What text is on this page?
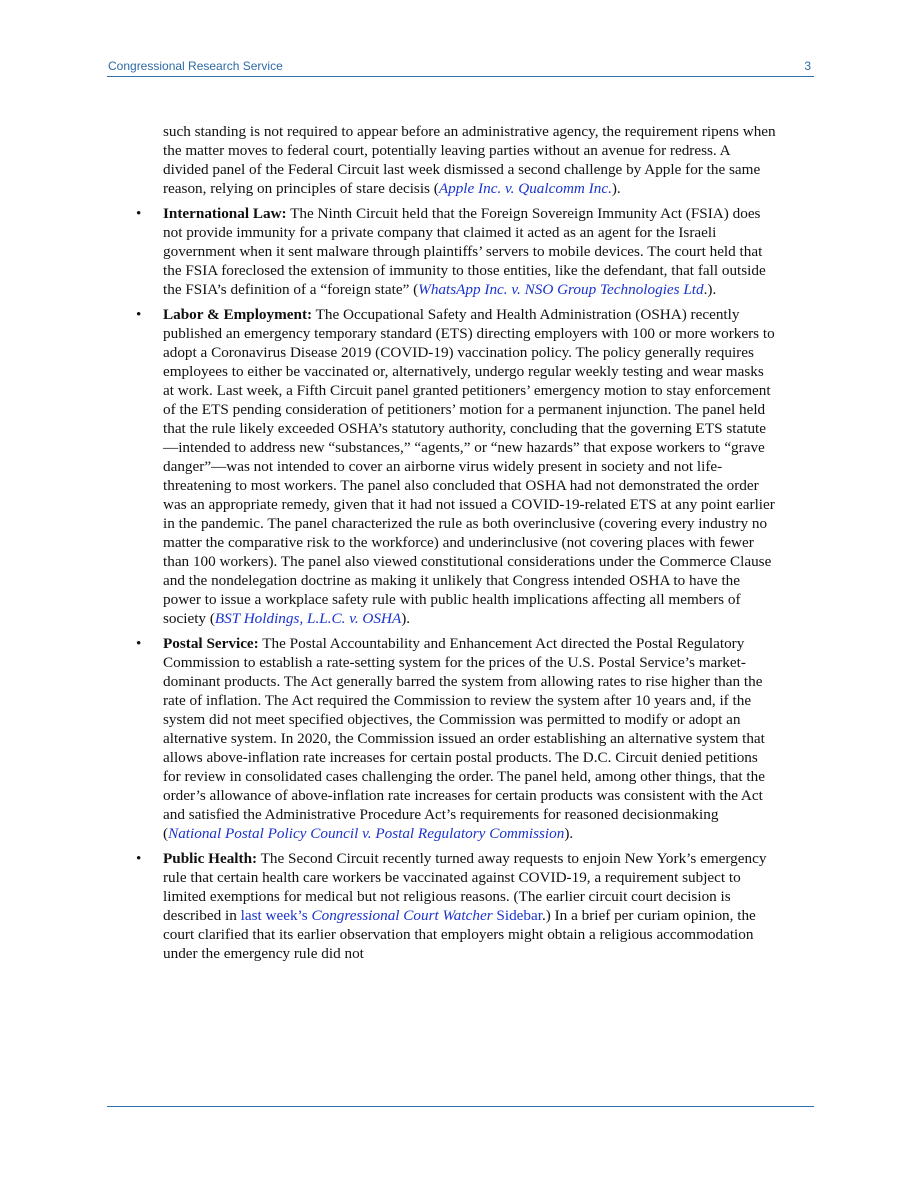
Congressional Research Service	3

such standing is not required to appear before an administrative agency, the requirement ripens when the matter moves to federal court, potentially leaving parties without an avenue for redress. A divided panel of the Federal Circuit last week dismissed a second challenge by Apple for the same reason, relying on principles of stare decisis (Apple Inc. v. Qualcomm Inc.).

• International Law: The Ninth Circuit held that the Foreign Sovereign Immunity Act (FSIA) does not provide immunity for a private company that claimed it acted as an agent for the Israeli government when it sent malware through plaintiffs’ servers to mobile devices. The court held that the FSIA foreclosed the extension of immunity to those entities, like the defendant, that fall outside the FSIA’s definition of a “foreign state” (WhatsApp Inc. v. NSO Group Technologies Ltd.).
• Labor & Employment: The Occupational Safety and Health Administration (OSHA) recently published an emergency temporary standard (ETS) directing employers with 100 or more workers to adopt a Coronavirus Disease 2019 (COVID-19) vaccination policy. The policy generally requires employees to either be vaccinated or, alternatively, undergo regular weekly testing and wear masks at work. Last week, a Fifth Circuit panel granted petitioners’ emergency motion to stay enforcement of the ETS pending consideration of petitioners’ motion for a permanent injunction. The panel held that the rule likely exceeded OSHA’s statutory authority, concluding that the governing ETS statute—intended to address new “substances,” “agents,” or “new hazards” that expose workers to “grave danger”—was not intended to cover an airborne virus widely present in society and not life-threatening to most workers. The panel also concluded that OSHA had not demonstrated the order was an appropriate remedy, given that it had not issued a COVID-19-related ETS at any point earlier in the pandemic. The panel characterized the rule as both overinclusive (covering every industry no matter the comparative risk to the workforce) and underinclusive (not covering places with fewer than 100 workers). The panel also viewed constitutional considerations under the Commerce Clause and the nondelegation doctrine as making it unlikely that Congress intended OSHA to have the power to issue a workplace safety rule with public health implications affecting all members of society (BST Holdings, L.L.C. v. OSHA).
• Postal Service: The Postal Accountability and Enhancement Act directed the Postal Regulatory Commission to establish a rate-setting system for the prices of the U.S. Postal Service’s market-dominant products. The Act generally barred the system from allowing rates to rise higher than the rate of inflation. The Act required the Commission to review the system after 10 years and, if the system did not meet specified objectives, the Commission was permitted to modify or adopt an alternative system. In 2020, the Commission issued an order establishing an alternative system that allows above-inflation rate increases for certain postal products. The D.C. Circuit denied petitions for review in consolidated cases challenging the order. The panel held, among other things, that the order’s allowance of above-inflation rate increases for certain products was consistent with the Act and satisfied the Administrative Procedure Act’s requirements for reasoned decisionmaking (National Postal Policy Council v. Postal Regulatory Commission).
• Public Health: The Second Circuit recently turned away requests to enjoin New York’s emergency rule that certain health care workers be vaccinated against COVID-19, a requirement subject to limited exemptions for medical but not religious reasons. (The earlier circuit court decision is described in last week’s Congressional Court Watcher Sidebar.) In a brief per curiam opinion, the court clarified that its earlier observation that employers might obtain a religious accommodation under the emergency rule did not
